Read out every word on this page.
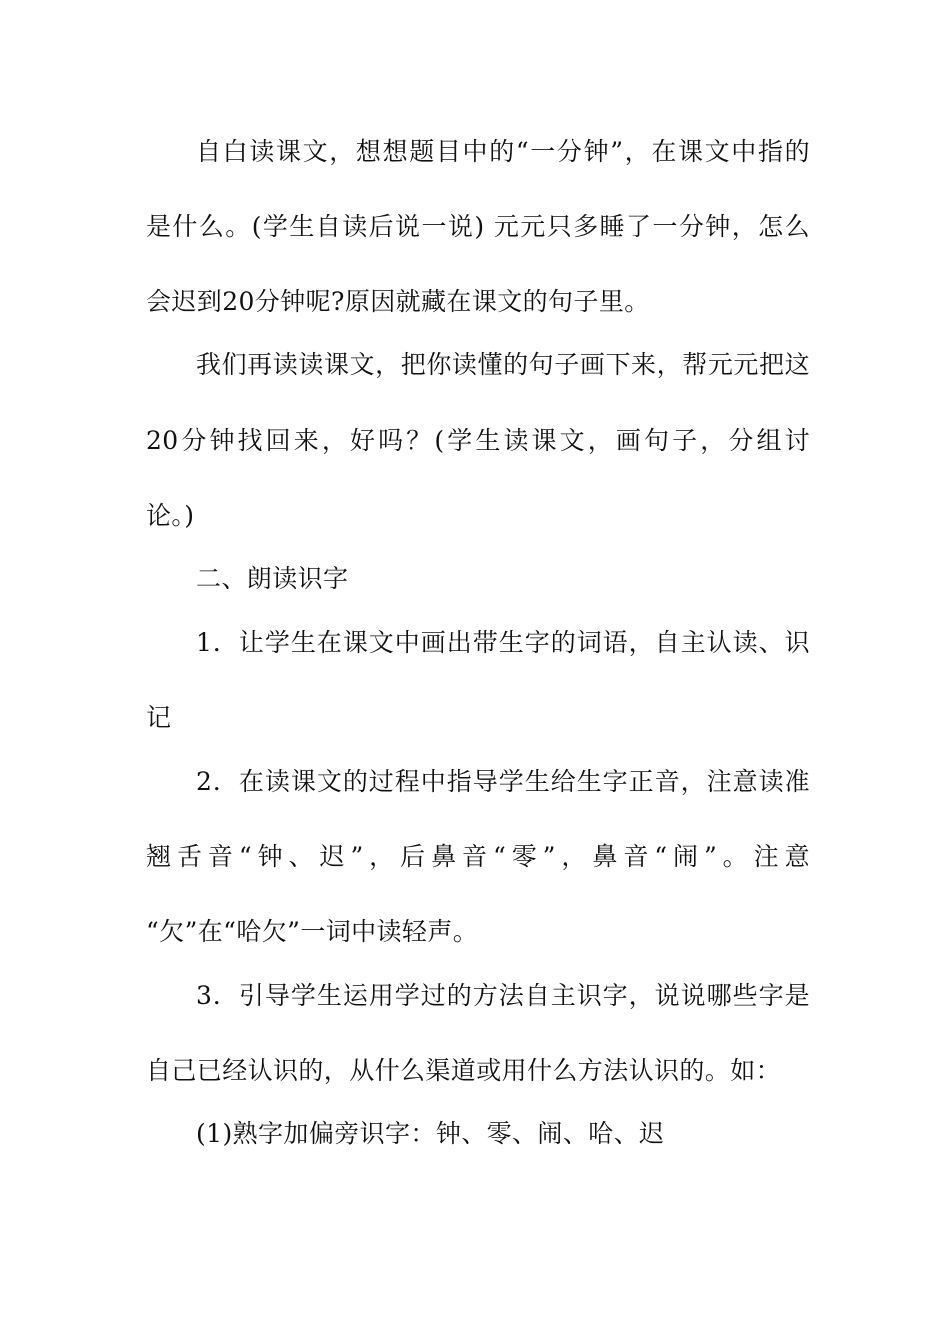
自白读课文，想想题目中的“一分钟”，在课文中指的
是什么。(学生自读后说一说) 元元只多睡了一分钟，怎么
会迟到20分钟呢?原因就藏在课文的句子里。
我们再读读课文，把你读懂的句子画下来，帮元元把这
20分钟找回来，好吗？(学生读课文，画句子，分组讨
论。)
二、朗读识字
1．让学生在课文中画出带生字的词语，自主认读、识
记
2．在读课文的过程中指导学生给生字正音，注意读准
翘舌音“钟、迟”，后鼻音“零”，鼻音“闹”。注意
“欠”在“哈欠”一词中读轻声。
3．引导学生运用学过的方法自主识字，说说哪些字是
自己已经认识的，从什么渠道或用什么方法认识的。如：
(1)熟字加偏旁识字：钟、零、闹、哈、迟
